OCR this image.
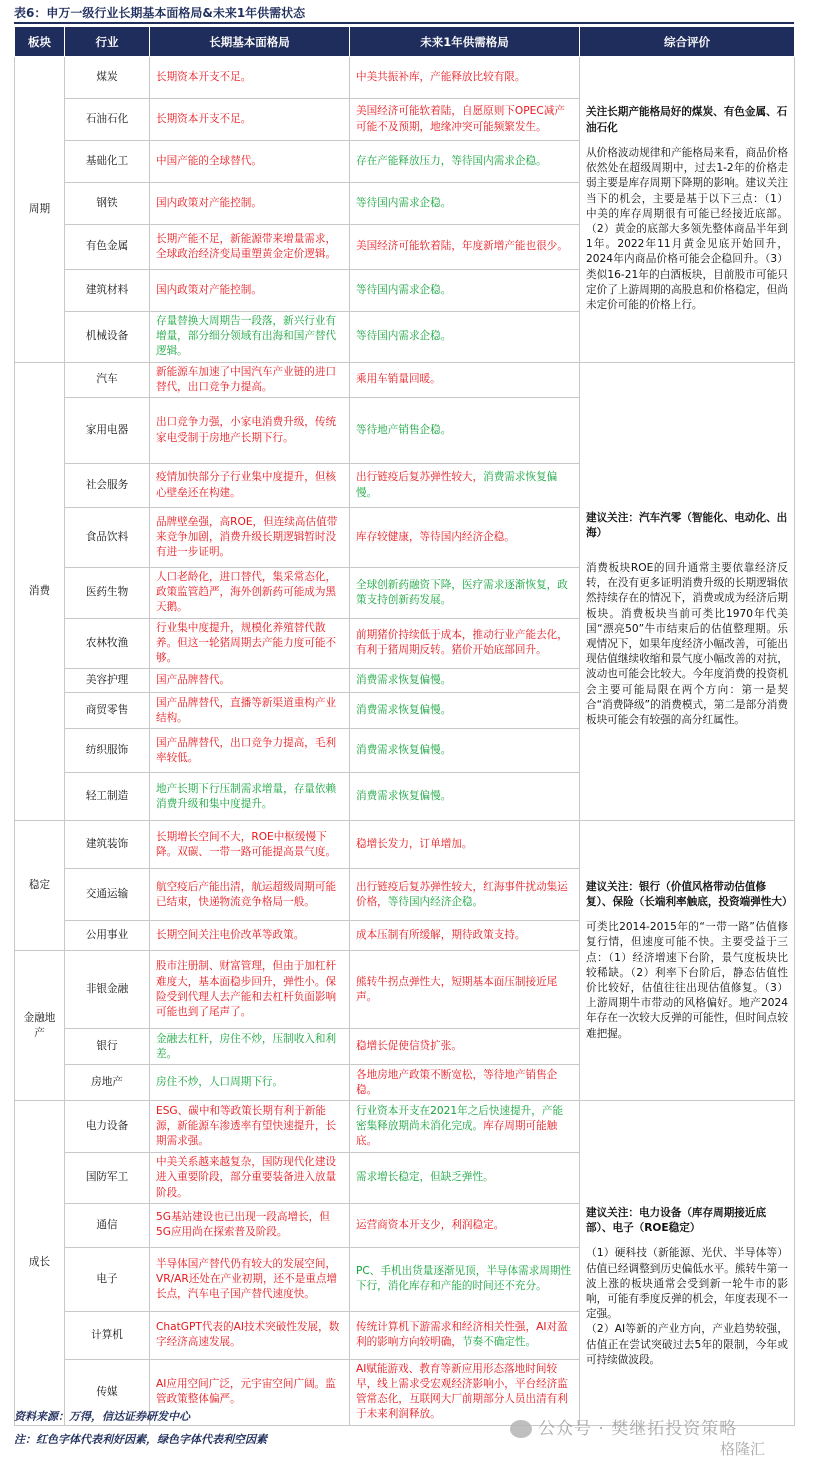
表6：申万一级行业长期基本面格局&未来1年供需状态
板块	行业	长期基本面格局	未来1年供需格局	综合评价
周期	煤炭	长期资本开支不足。	中美共振补库，产能释放比较有限。	关注长期产能格局好的煤炭、有色金属、石油石化
从价格波动规律和产能格局来看，商品价格依然处在超级周期中，过去1-2年的价格走弱主要是库存周期下降期的影响。建议关注当下的机会，主要是基于以下三点：（1）中美的库存周期很有可能已经接近底部。（2）黄金的底部大多领先整体商品半年到1年。2022年11月黄金见底开始回升，2024年内商品价格可能会企稳回升。（3）类似16-21年的白酒板块，目前股市可能只定价了上游周期的高股息和价格稳定，但尚未定价可能的价格上行。

	石油石化	长期资本开支不足。	美国经济可能软着陆，自愿原则下OPEC减产可能不及预期，地缘冲突可能频繁发生。	
	基础化工	中国产能的全球替代。	存在产能释放压力，等待国内需求企稳。	
	钢铁	国内政策对产能控制。	等待国内需求企稳。	
	有色金属	长期产能不足，新能源带来增量需求，全球政治经济变局重塑黄金定价逻辑。	美国经济可能软着陆，年度新增产能也很少。	
	建筑材料	国内政策对产能控制。	等待国内需求企稳。	
	机械设备	存量替换大周期告一段落，新兴行业有增量，部分细分领域有出海和国产替代逻辑。	等待国内需求企稳。	
消费	汽车	新能源车加速了中国汽车产业链的进口替代，出口竞争力提高。	乘用车销量回暖。	建议关注：汽车汽零（智能化、电动化、出海）
消费板块ROE的回升通常主要依靠经济反转，在没有更多证明消费升级的长期逻辑依然持续存在的情况下，消费或成为经济后期板块。消费板块当前可类比1970年代美国“漂亮50”牛市结束后的估值整理期。乐观情况下，如果年度经济小幅改善，可能出现估值继续收缩和景气度小幅改善的对抗，波动也可能会比较大。今年度消费的投资机会主要可能局限在两个方向：第一是契合“消费降级”的消费模式，第二是部分消费板块可能会有较强的高分红属性。

	家用电器	出口竞争力强，小家电消费升级，传统家电受制于房地产长期下行。	等待地产销售企稳。	
	社会服务	疫情加快部分子行业集中度提升，但核心壁垒还在构建。	出行链疫后复苏弹性较大，消费需求恢复偏慢。	
	食品饮料	品牌壁垒强，高ROE，但连续高估值带来竞争加剧，消费升级长期逻辑暂时没有进一步证明。	库存较健康，等待国内经济企稳。	
	医药生物	人口老龄化，进口替代，集采常态化，政策监管趋严，海外创新药可能成为黑天鹅。	全球创新药融资下降，医疗需求逐渐恢复，政策支持创新药发展。	
	农林牧渔	行业集中度提升，规模化养殖替代散养。但这一轮猪周期去产能力度可能不够。	前期猪价持续低于成本，推动行业产能去化，有利于猪周期反转。猪价开始底部回升。	
	美容护理	国产品牌替代。	消费需求恢复偏慢。	
	商贸零售	国产品牌替代，直播等新渠道重构产业结构。	消费需求恢复偏慢。	
	纺织服饰	国产品牌替代，出口竞争力提高，毛利率较低。	消费需求恢复偏慢。	
	轻工制造	地产长期下行压制需求增量，存量依赖消费升级和集中度提升。	消费需求恢复偏慢。	
稳定	建筑装饰	长期增长空间不大，ROE中枢缓慢下降。双碳、一带一路可能提高景气度。	稳增长发力，订单增加。	建议关注：银行（价值风格带动估值修复）、保险（长端利率触底，投资端弹性大）
可类比2014-2015年的“一带一路”估值修复行情，但速度可能不快。主要受益于三点：（1）经济增速下台阶，景气度板块比较稀缺。（2）利率下台阶后，静态估值性价比较好，估值往往出现估值修复。（3）上游周期牛市带动的风格偏好。地产2024年存在一次较大反弹的可能性，但时间点较难把握。

	交通运输	航空疫后产能出清，航运超级周期可能已结束，快递物流竞争格局一般。	出行链疫后复苏弹性较大，红海事件扰动集运价格，等待国内经济企稳。	
	公用事业	长期空间关注电价改革等政策。	成本压制有所缓解，期待政策支持。	
金融地产	非银金融	股市注册制、财富管理，但由于加杠杆难度大，基本面稳步回升，弹性小。保险受到代理人去产能和去杠杆负面影响可能也到了尾声了。	熊转牛拐点弹性大，短期基本面压制接近尾声。	
	银行	金融去杠杆，房住不炒，压制收入和利差。	稳增长促使信贷扩张。	
	房地产	房住不炒，人口周期下行。	各地房地产政策不断宽松，等待地产销售企稳。	
成长	电力设备	ESG、碳中和等政策长期有利于新能源，新能源车渗透率有望快速提升，长期需求强。	行业资本开支在2021年之后快速提升，产能密集释放期尚未消化完成。库存周期可能触底。	建议关注：电力设备（库存周期接近底部）、电子（ROE稳定）
（1）硬科技（新能源、光伏、半导体等）估值已经调整到历史偏低水平。熊转牛第一波上涨的板块通常会受到新一轮牛市的影响，可能有季度反弹的机会，年度表现不一定强。
（2）AI等新的产业方向，产业趋势较强，估值正在尝试突破过去5年的限制，今年或可持续做波段。

	国防军工	中美关系越来越复杂，国防现代化建设进入重要阶段，部分重要装备进入放量阶段。	需求增长稳定，但缺乏弹性。	
	通信	5G基站建设也已出现一段高增长，但5G应用尚在探索普及阶段。	运营商资本开支少，利润稳定。	
	电子	半导体国产替代仍有较大的发展空间，VR/AR还处在产业初期，还不是重点增长点，汽车电子国产替代速度快。	PC、手机出货量逐渐见顶，半导体需求周期性下行，消化库存和产能的时间还不充分。	
	计算机	ChatGPT代表的AI技术突破性发展，数字经济高速发展。	传统计算机下游需求和经济相关性强，AI对盈利的影响方向较明确，节奏不确定性。	
	传媒	AI应用空间广泛，元宇宙空间广阔。监管政策整体偏严。	AI赋能游戏、教育等新应用形态落地时间较早，线上需求受宏观经济影响小，平台经济监管常态化，互联网大厂前期部分人员出清有利于未来利润释放。	
资料来源：万得，信达证券研发中心
注：红色字体代表利好因素，绿色字体代表利空因素
公众号 · 樊继拓投资策略
格隆汇
